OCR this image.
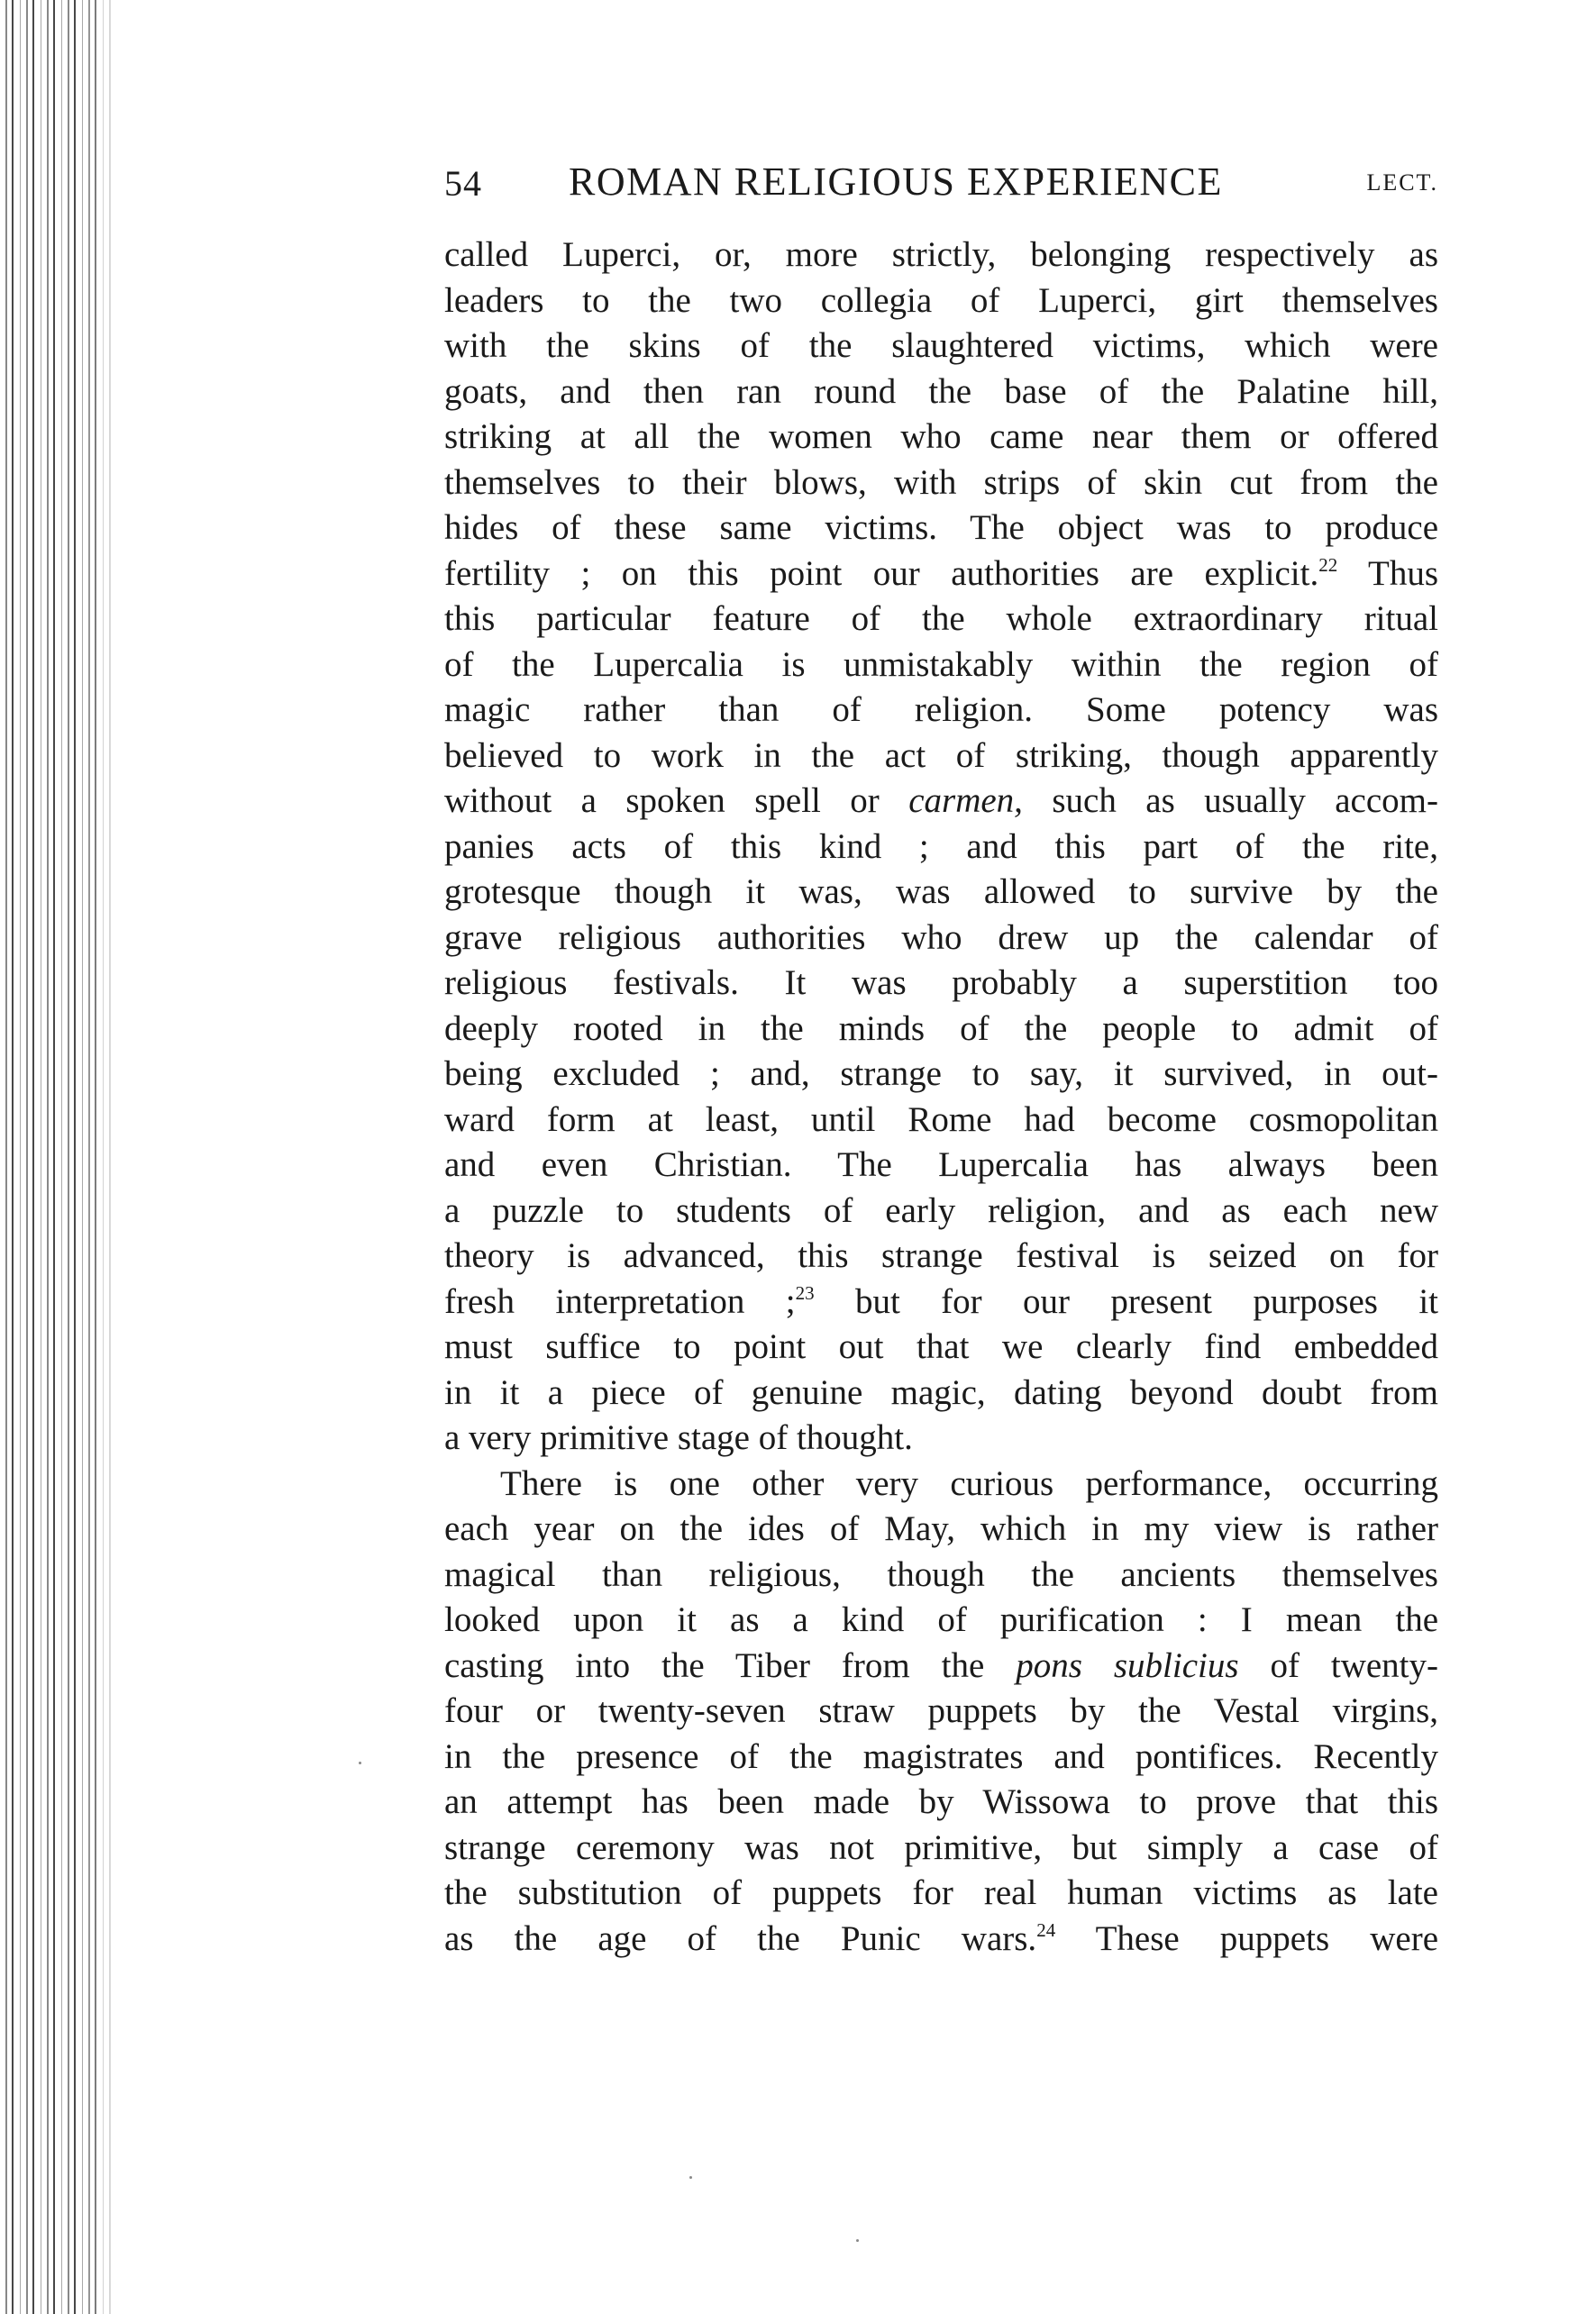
54 ROMAN RELIGIOUS EXPERIENCE	LECT.
called Luperci, or, more strictly, belonging respectively as
leaders to the two collegia of Luperci, girt themselves
with the skins of the slaughtered victims, which were
goats, and then ran round the base of the Palatine hill,
striking at all the women who came near them or offered
themselves to their blows, with strips of skin cut from the
hides of these same victims. The object was to produce
fertility ; on this point our authorities are explicit.$^{22}$ Thus
this particular feature of the whole extraordinary ritual
of the Lupercalia is unmistakably within the region of
magic rather than of religion. Some potency was
believed to work in the act of striking, though apparently
without a spoken spell or carmen, such as usually accom-
panies acts of this kind ; and this part of the rite,
grotesque though it was, was allowed to survive by the
grave religious authorities who drew up the calendar of
religious festivals. It was probably a superstition too
deeply rooted in the minds of the people to admit of
being excluded ; and, strange to say, it survived, in out-
ward form at least, until Rome had become cosmopolitan
and even Christian. The Lupercalia has always been
a puzzle to students of early religion, and as each new
theory is advanced, this strange festival is seized on for
fresh interpretation ;$^{23}$ but for our present purposes it
must suffice to point out that we clearly find embedded
in it a piece of genuine magic, dating beyond doubt from
a very primitive stage of thought.
There is one other very curious performance, occurring
each year on the ides of May, which in my view is rather
magical than religious, though the ancients themselves
looked upon it as a kind of purification : I mean the
casting into the Tiber from the pons sublicius of twenty-
four or twenty-seven straw puppets by the Vestal virgins,
in the presence of the magistrates and pontifices. Recently
an attempt has been made by Wissowa to prove that this
strange ceremony was not primitive, but simply a case of
the substitution of puppets for real human victims as late
as the age of the Punic wars.$^{24}$ These puppets were
